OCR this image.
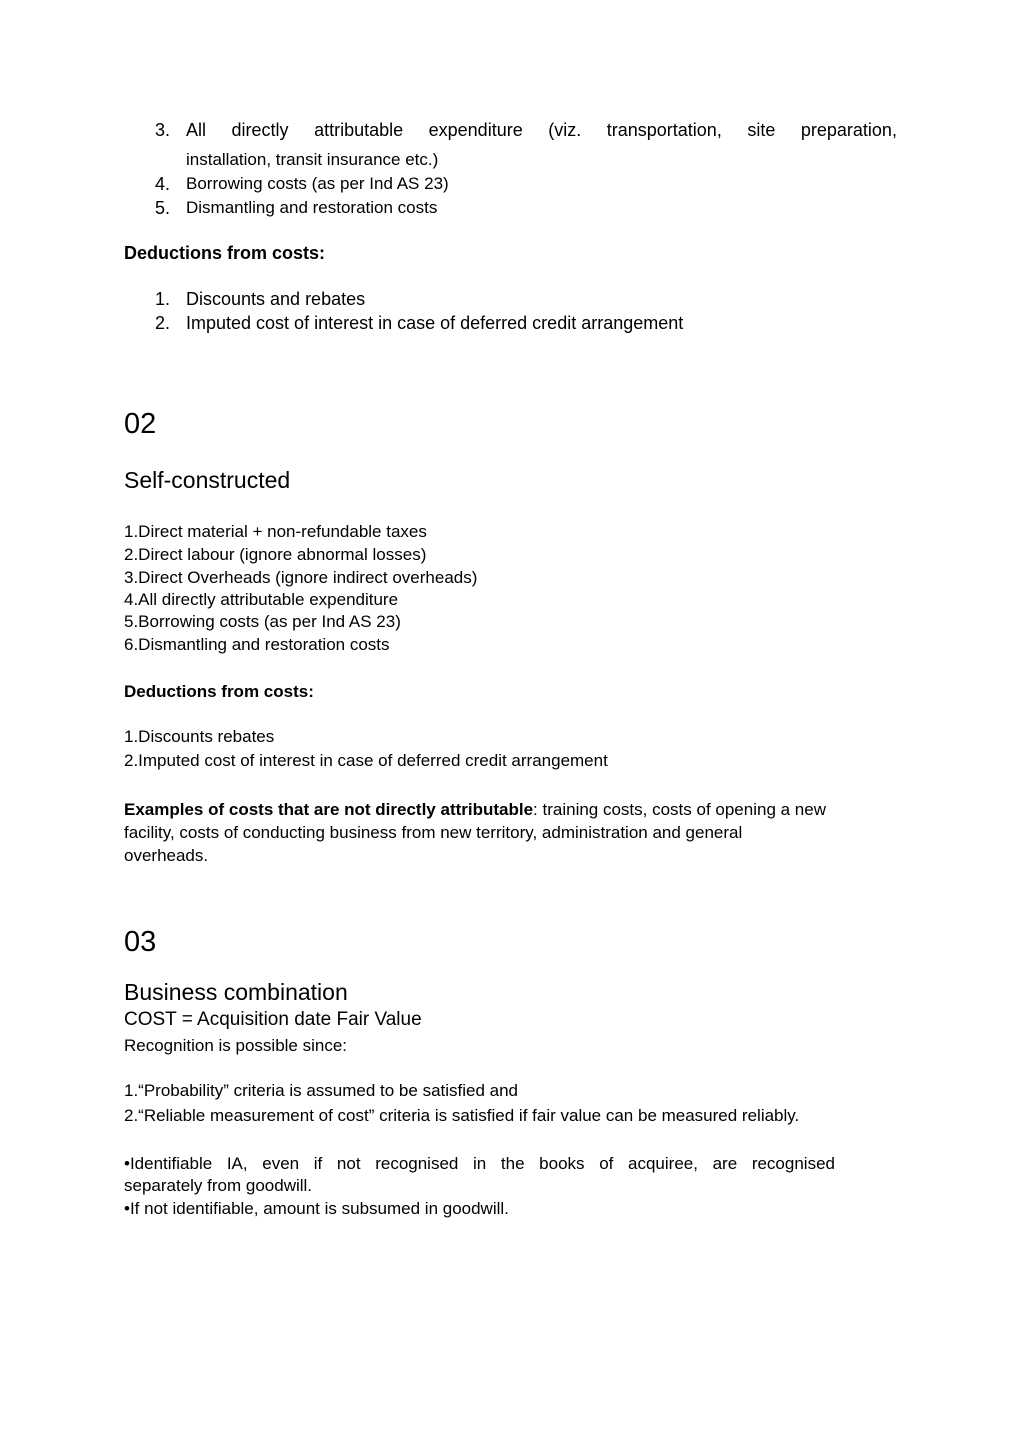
3. All directly attributable expenditure (viz. transportation, site preparation,
installation, transit insurance etc.)
4. Borrowing costs (as per Ind AS 23)
5. Dismantling and restoration costs
Deductions from costs:
1. Discounts and rebates
2. Imputed cost of interest in case of deferred credit arrangement
02
Self-constructed
1.Direct material + non-refundable taxes
2.Direct labour (ignore abnormal losses)
3.Direct Overheads (ignore indirect overheads)
4.All directly attributable expenditure
5.Borrowing costs (as per Ind AS 23)
6.Dismantling and restoration costs
Deductions from costs:
1.Discounts rebates
2.Imputed cost of interest in case of deferred credit arrangement
Examples of costs that are not directly attributable: training costs, costs of opening a new
facility, costs of conducting business from new territory, administration and general
overheads.
03
Business combination
COST = Acquisition date Fair Value
Recognition is possible since:
1.“Probability” criteria is assumed to be satisfied and
2.“Reliable measurement of cost” criteria is satisfied if fair value can be measured reliably.
•Identifiable IA, even if not recognised in the books of acquiree, are recognised
separately from goodwill.
•If not identifiable, amount is subsumed in goodwill.
